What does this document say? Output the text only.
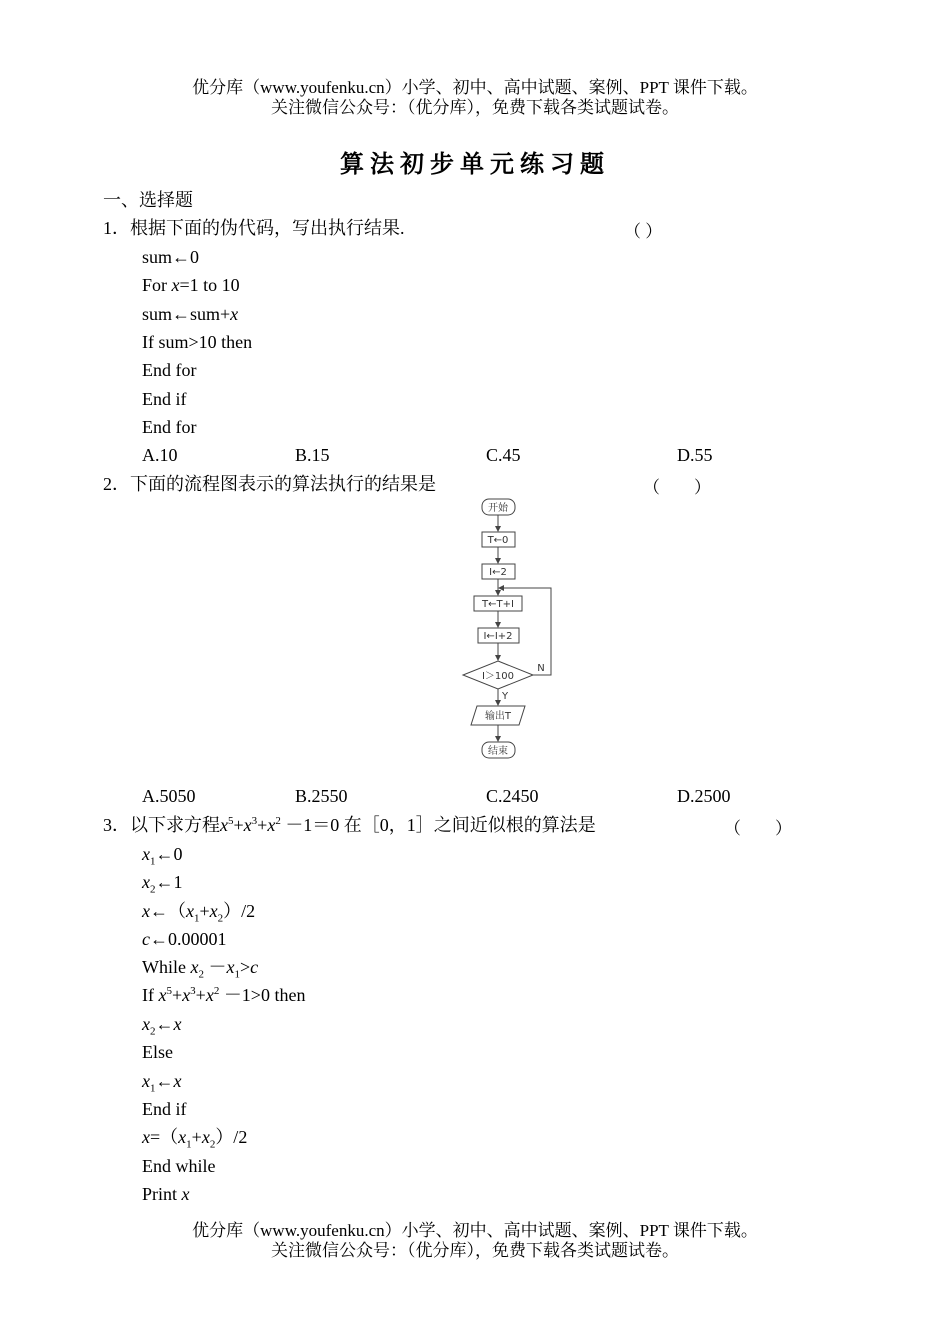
优分库（www.youfenku.cn）小学、初中、高中试题、案例、PPT 课件下载。
关注微信公众号：（优分库），免费下载各类试题试卷。
算法初步单元练习题
一、选择题
1．根据下面的伪代码，写出执行结果.	（ ）
sum←0
For x=1 to 10
sum←sum+x
If sum>10 then
End for
End if
End for
A.10	B.15	C.45	D.55
2．下面的流程图表示的算法执行的结果是	（　　）
开始
T←0
I←2
T←T+I
I←I+2
I＞100
N
Y
输出T
结束
A.5050	B.2550	C.2450	D.2500
3．以下求方程$x^5+x^3+x^2 -1=0$ 在［0，1］之间近似根的算法是	（　　）
$x_1\leftarrow 0$
$x_2\leftarrow 1$
$x\leftarrow(x_1+x_2)/2$
c←0.00001
While $x_2 -x_1>c$
If $x^5+x^3+x^2 -1>0$ then
$x_2\leftarrow x$
Else
$x_1\leftarrow x$
End if
$x=(x_1+x_2)/2$
End while
Print x
优分库（www.youfenku.cn）小学、初中、高中试题、案例、PPT 课件下载。
关注微信公众号：（优分库），免费下载各类试题试卷。
